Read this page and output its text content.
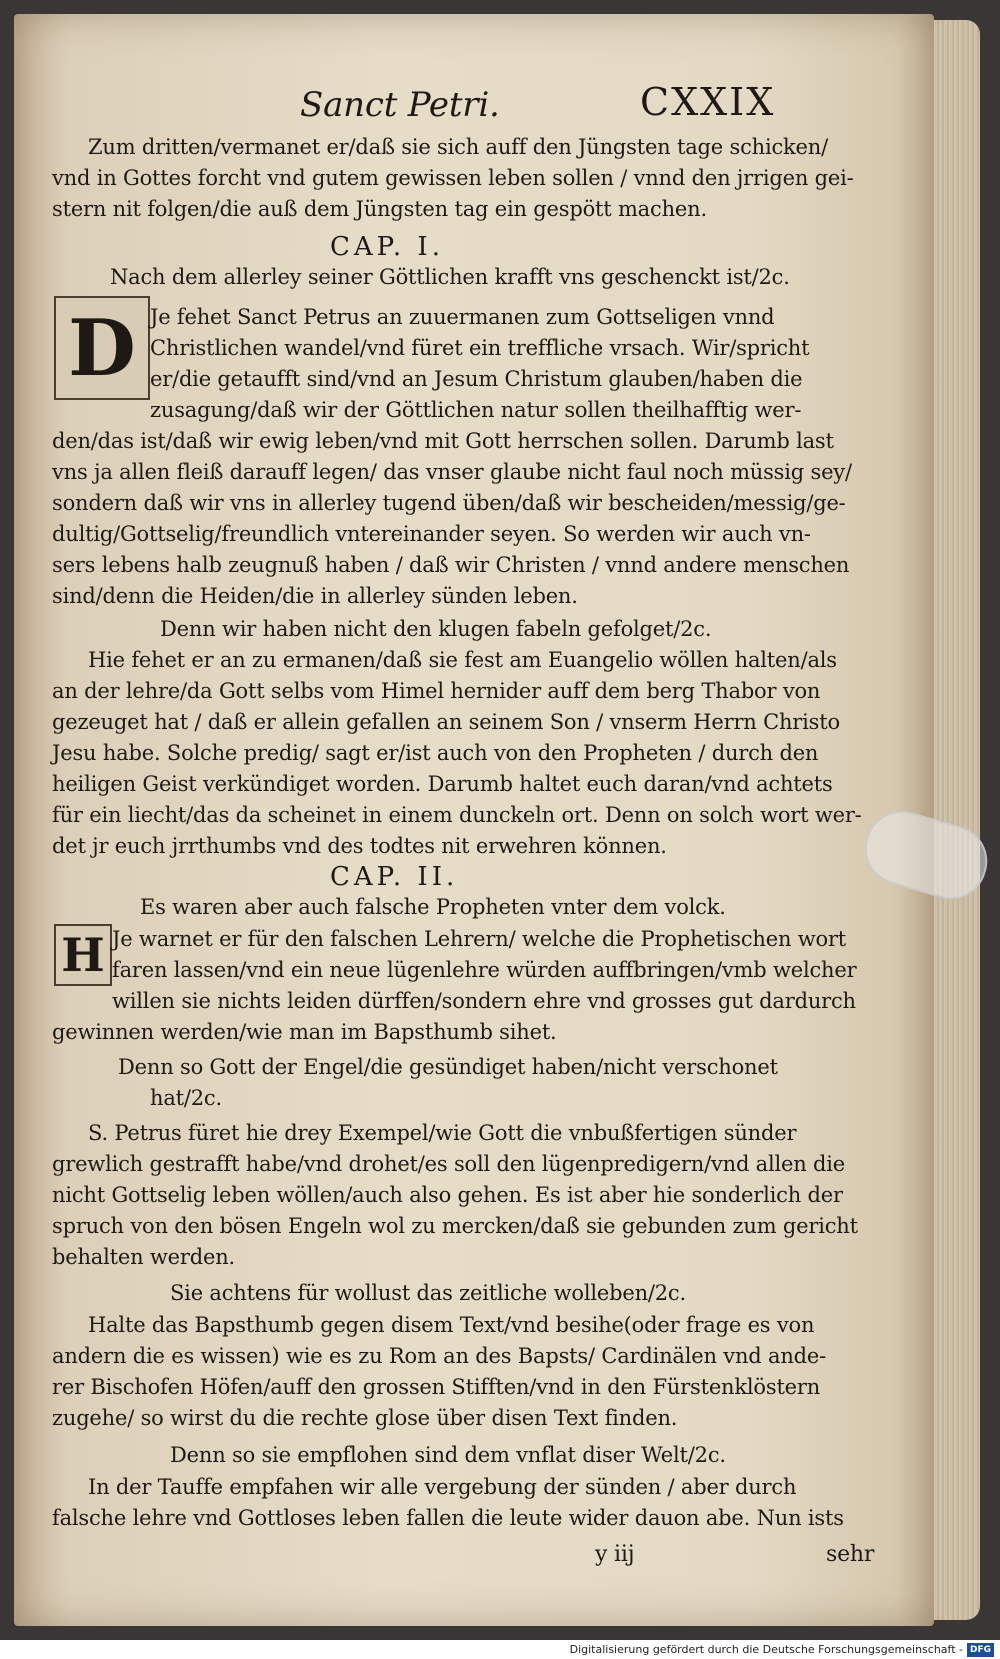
Sanct Petri.	CXXIX
Zum dritten/vermanet er/daß sie sich auff den Jüngsten tage schicken/
vnd in Gottes forcht vnd gutem gewissen leben sollen / vnnd den jrrigen gei-
stern nit folgen/die auß dem Jüngsten tag ein gespött machen.
CAP. I.
Nach dem allerley seiner Göttlichen krafft vns geschenckt ist/2c.
D Je fehet Sanct Petrus an zuuermanen zum Gottseligen vnnd
Christlichen wandel/vnd füret ein treffliche vrsach. Wir/spricht
er/die getaufft sind/vnd an Jesum Christum glauben/haben die
zusagung/daß wir der Göttlichen natur sollen theilhafftig wer-
den/das ist/daß wir ewig leben/vnd mit Gott herrschen sollen. Darumb last
vns ja allen fleiß darauff legen/ das vnser glaube nicht faul noch müssig sey/
sondern daß wir vns in allerley tugend üben/daß wir bescheiden/messig/ge-
dultig/Gottselig/freundlich vntereinander seyen. So werden wir auch vn-
sers lebens halb zeugnuß haben / daß wir Christen / vnnd andere menschen
sind/denn die Heiden/die in allerley sünden leben.
Denn wir haben nicht den klugen fabeln gefolget/2c.
Hie fehet er an zu ermanen/daß sie fest am Euangelio wöllen halten/als
an der lehre/da Gott selbs vom Himel hernider auff dem berg Thabor von
gezeuget hat / daß er allein gefallen an seinem Son / vnserm Herrn Christo
Jesu habe. Solche predig/ sagt er/ist auch von den Propheten / durch den
heiligen Geist verkündiget worden. Darumb haltet euch daran/vnd achtets
für ein liecht/das da scheinet in einem dunckeln ort. Denn on solch wort wer-
det jr euch jrrthumbs vnd des todtes nit erwehren können.
CAP. II.
Es waren aber auch falsche Propheten vnter dem volck.
H Je warnet er für den falschen Lehrern/ welche die Prophetischen wort
faren lassen/vnd ein neue lügenlehre würden auffbringen/vmb welcher
willen sie nichts leiden dürffen/sondern ehre vnd grosses gut dardurch
gewinnen werden/wie man im Bapsthumb sihet.
Denn so Gott der Engel/die gesündiget haben/nicht verschonet
hat/2c.
S. Petrus füret hie drey Exempel/wie Gott die vnbußfertigen sünder
grewlich gestrafft habe/vnd drohet/es soll den lügenpredigern/vnd allen die
nicht Gottselig leben wöllen/auch also gehen. Es ist aber hie sonderlich der
spruch von den bösen Engeln wol zu mercken/daß sie gebunden zum gericht
behalten werden.
Sie achtens für wollust das zeitliche wolleben/2c.
Halte das Bapsthumb gegen disem Text/vnd besihe(oder frage es von
andern die es wissen) wie es zu Rom an des Bapsts/ Cardinälen vnd ande-
rer Bischofen Höfen/auff den grossen Stifften/vnd in den Fürstenklöstern
zugehe/ so wirst du die rechte glose über disen Text finden.
Denn so sie empflohen sind dem vnflat diser Welt/2c.
In der Tauffe empfahen wir alle vergebung der sünden / aber durch
falsche lehre vnd Gottloses leben fallen die leute wider dauon abe. Nun ists
y iij	sehr
Digitalisierung gefördert durch die Deutsche Forschungsgemeinschaft - DFG
